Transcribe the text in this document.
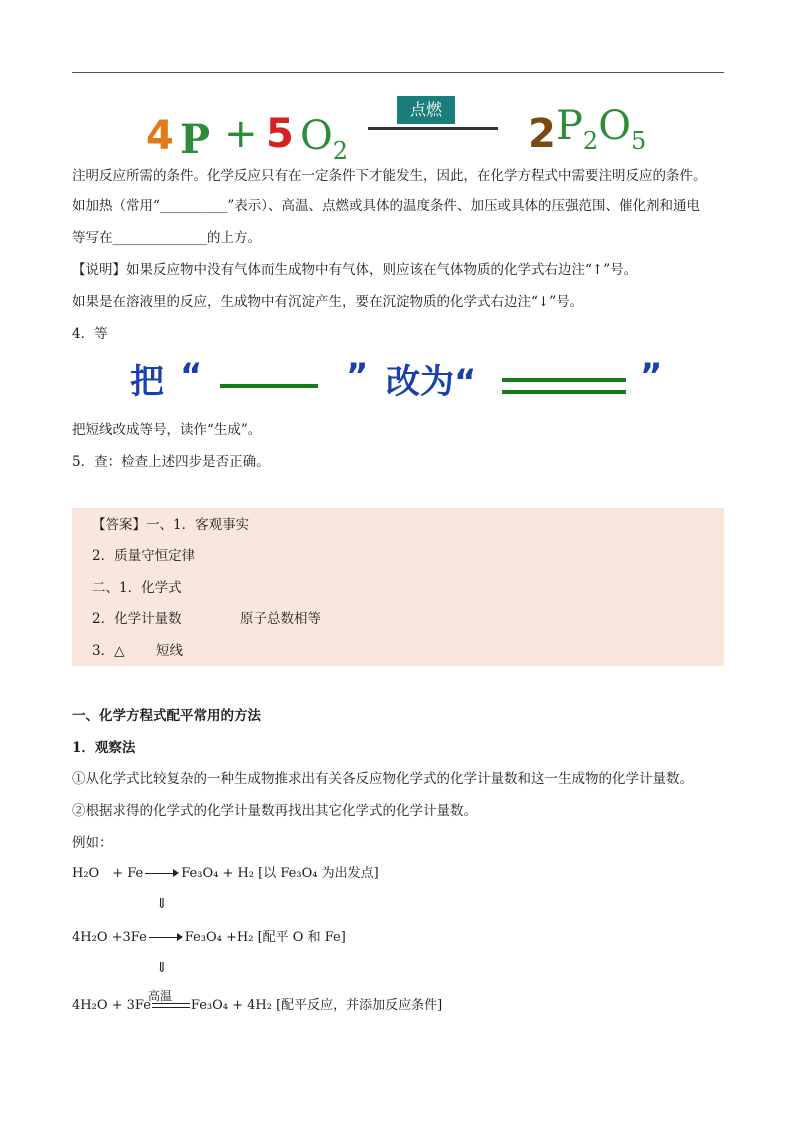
4 P + 5 $O_2$
点燃
2 $P_2O_5$
注明反应所需的条件。化学反应只有在一定条件下才能发生，因此，在化学方程式中需要注明反应的条件。
如加热（常用“__________”表示）、高温、点燃或具体的温度条件、加压或具体的压强范围、催化剂和通电
等写在______________的上方。
【说明】如果反应物中没有气体而生成物中有气体，则应该在气体物质的化学式右边注“↑”号。
如果是在溶液里的反应，生成物中有沉淀产生，要在沉淀物质的化学式右边注“↓”号。
4．等
把 “	” 改为“	”
把短线改成等号，读作“生成”。
5．查：检查上述四步是否正确。
【答案】一、1．客观事实
2．质量守恒定律
二、1．化学式
2．化学计量数	原子总数相等
3．△ 短线
一、化学方程式配平常用的方法
1．观察法
①从化学式比较复杂的一种生成物推求出有关各反应物化学式的化学计量数和这一生成物的化学计量数。
②根据求得的化学式的化学计量数再找出其它化学式的化学计量数。
例如：
H₂O　+ Fe	Fe₃O₄ + H₂ [以 Fe₃O₄ 为出发点]
⇓
4H₂O +3Fe	Fe₃O₄ +H₂ [配平 O 和 Fe]
⇓
高温
4H₂O + 3Fe	Fe₃O₄ + 4H₂ [配平反应，并添加反应条件]
